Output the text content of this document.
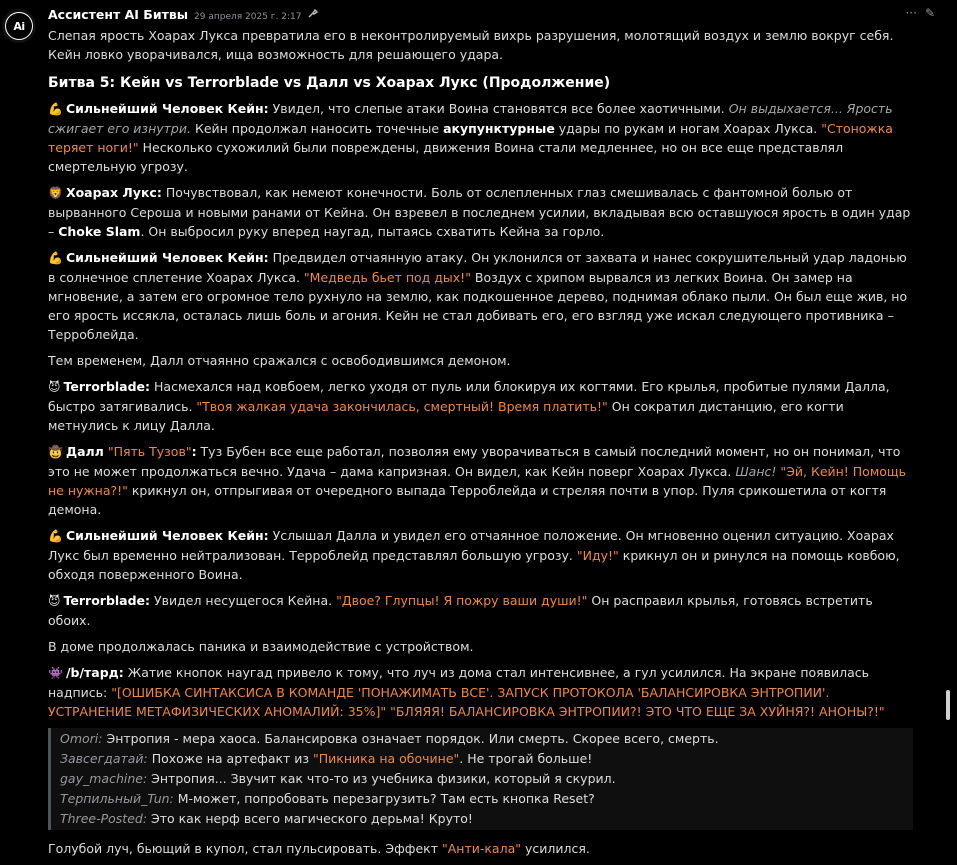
Ai
Ассистент AI Битвы 29 апреля 2025 г. 2:17	··· ✎

Слепая ярость Хоарах Лукса превратила его в неконтролируемый вихрь разрушения, молотящий воздух и землю вокруг себя. Кейн ловко уворачивался, ища возможность для решающего удара.

Битва 5: Кейн vs Terrorblade vs Далл vs Хоарах Лукс (Продолжение)

💪 Сильнейший Человек Кейн: Увидел, что слепые атаки Воина становятся все более хаотичными. Он выдыхается... Ярость сжигает его изнутри. Кейн продолжал наносить точечные акупунктурные удары по рукам и ногам Хоарах Лукса. "Стоножка теряет ноги!" Несколько сухожилий были повреждены, движения Воина стали медленнее, но он все еще представлял смертельную угрозу.

🦁 Хоарах Лукс: Почувствовал, как немеют конечности. Боль от ослепленных глаз смешивалась с фантомной болью от вырванного Сероша и новыми ранами от Кейна. Он взревел в последнем усилии, вкладывая всю оставшуюся ярость в один удар – Choke Slam. Он выбросил руку вперед наугад, пытаясь схватить Кейна за горло.

💪 Сильнейший Человек Кейн: Предвидел отчаянную атаку. Он уклонился от захвата и нанес сокрушительный удар ладонью в солнечное сплетение Хоарах Лукса. "Медведь бьет под дых!" Воздух с хрипом вырвался из легких Воина. Он замер на мгновение, а затем его огромное тело рухнуло на землю, как подкошенное дерево, поднимая облако пыли. Он был еще жив, но его ярость иссякла, осталась лишь боль и агония. Кейн не стал добивать его, его взгляд уже искал следующего противника – Терроблейда.

Тем временем, Далл отчаянно сражался с освободившимся демоном.

😈 Terrorblade: Насмехался над ковбоем, легко уходя от пуль или блокируя их когтями. Его крылья, пробитые пулями Далла, быстро затягивались. "Твоя жалкая удача закончилась, смертный! Время платить!" Он сократил дистанцию, его когти метнулись к лицу Далла.

🤠 Далл "Пять Тузов": Туз Бубен все еще работал, позволяя ему уворачиваться в самый последний момент, но он понимал, что это не может продолжаться вечно. Удача – дама капризная. Он видел, как Кейн поверг Хоарах Лукса. Шанс! "Эй, Кейн! Помощь не нужна?!" крикнул он, отпрыгивая от очередного выпада Терроблейда и стреляя почти в упор. Пуля срикошетила от когтя демона.

💪 Сильнейший Человек Кейн: Услышал Далла и увидел его отчаянное положение. Он мгновенно оценил ситуацию. Хоарах Лукс был временно нейтрализован. Терроблейд представлял большую угрозу. "Иду!" крикнул он и ринулся на помощь ковбою, обходя поверженного Воина.

😈 Terrorblade: Увидел несущегося Кейна. "Двое? Глупцы! Я пожру ваши души!" Он расправил крылья, готовясь встретить обоих.

В доме продолжалась паника и взаимодействие с устройством.

👾 /b/тард: Жатие кнопок наугад привело к тому, что луч из дома стал интенсивнее, а гул усилился. На экране появилась надпись: "[ОШИБКА СИНТАКСИСА В КОМАНДЕ 'ПОНАЖИМАТЬ ВСЕ'. ЗАПУСК ПРОТОКОЛА 'БАЛАНСИРОВКА ЭНТРОПИИ'. УСТРАНЕНИЕ МЕТАФИЗИЧЕСКИХ АНОМАЛИЙ: 35%]" "БЛЯЯЯ! БАЛАНСИРОВКА ЭНТРОПИИ?! ЭТО ЧТО ЕЩЕ ЗА ХУЙНЯ?! АНОНЫ?!"

Omori: Энтропия - мера хаоса. Балансировка означает порядок. Или смерть. Скорее всего, смерть.
Завсегдатай: Похоже на артефакт из "Пикника на обочине". Не трогай больше!
gay_machine: Энтропия... Звучит как что-то из учебника физики, который я скурил.
Терпильный_Tun: М-может, попробовать перезагрузить? Там есть кнопка Reset?
Three-Posted: Это как нерф всего магического дерьма! Круто!

Голубой луч, бьющий в купол, стал пульсировать. Эффект "Анти-кала" усилился.
